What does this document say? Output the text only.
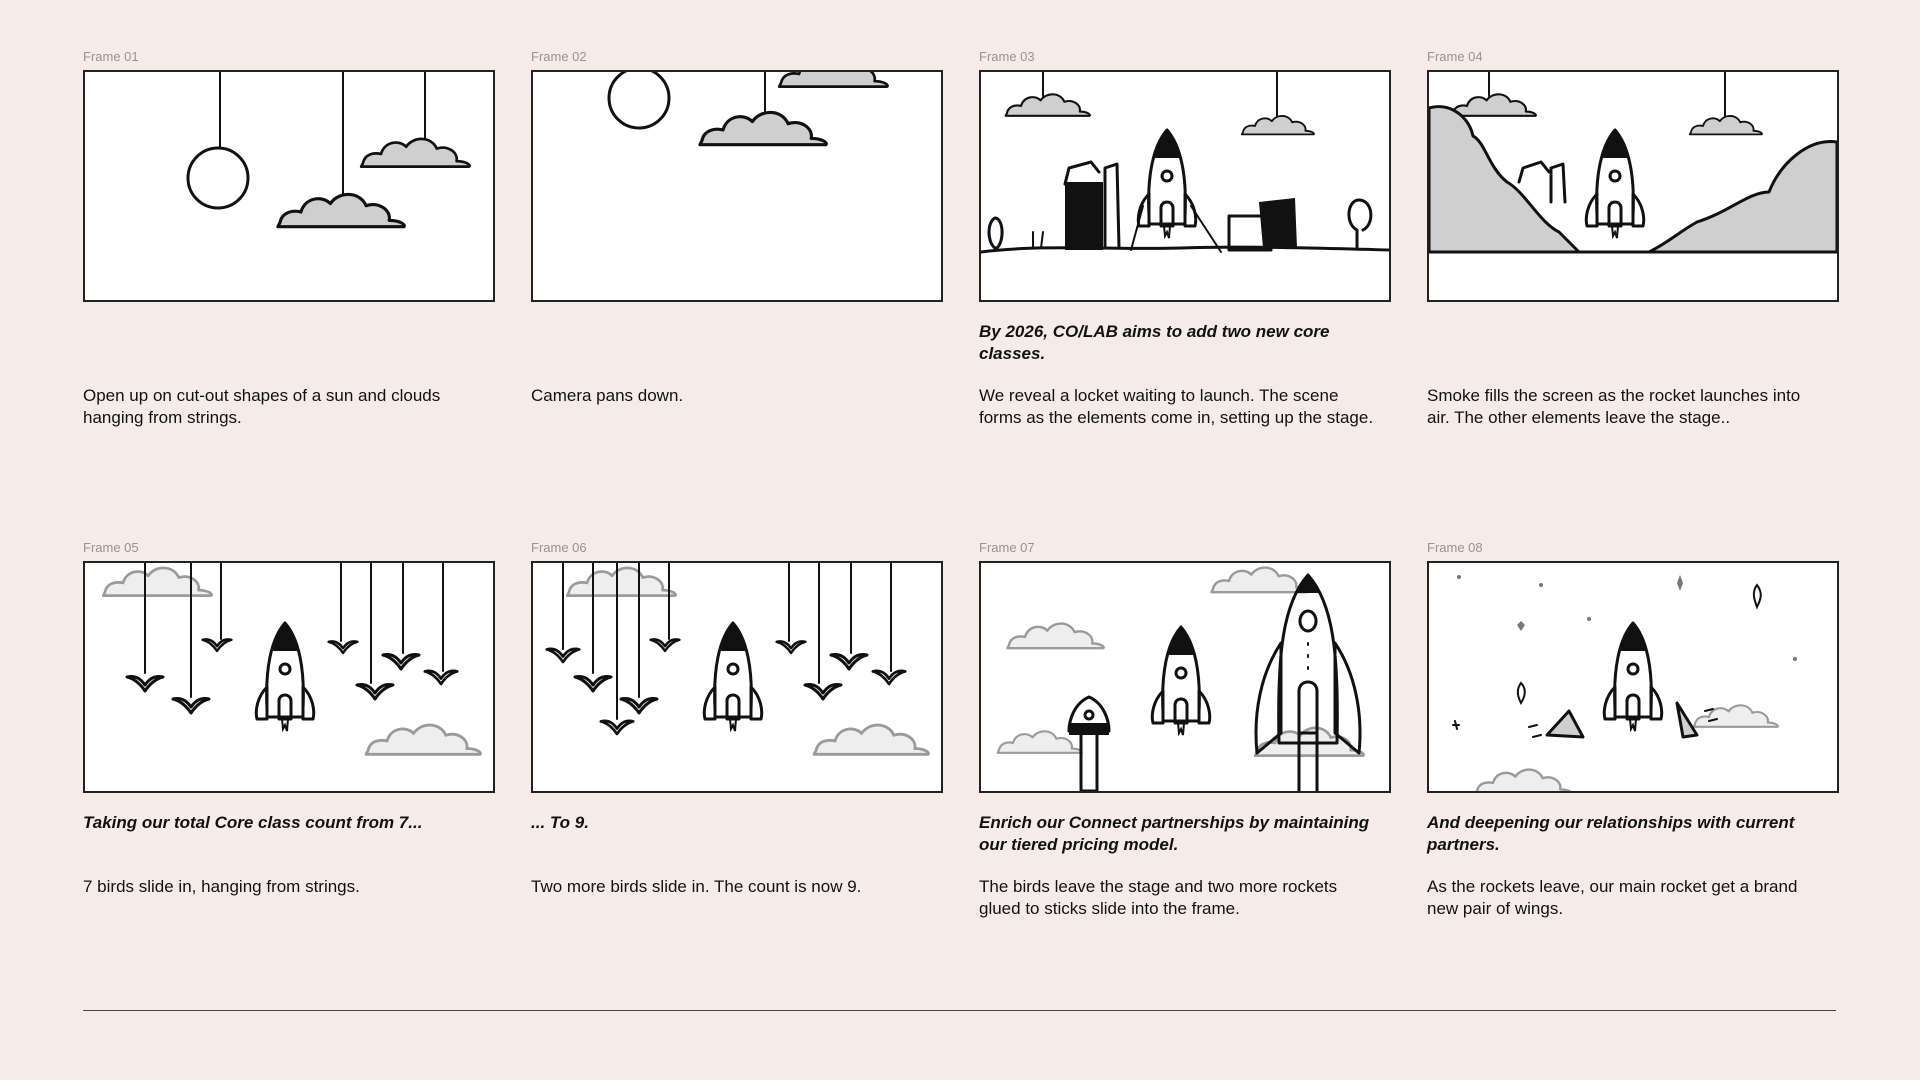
Frame 01
Open up on cut-out shapes of a sun and clouds hanging from strings.
Frame 02
Camera pans down.
Frame 03
By 2026, CO/LAB aims to add two new core classes.
We reveal a locket waiting to launch. The scene forms as the elements come in, setting up the stage.
Frame 04
Smoke fills the screen as the rocket launches into air. The other elements leave the stage..
Frame 05
Taking our total Core class count from 7...
7 birds slide in, hanging from strings.
Frame 06
... To 9.
Two more birds slide in. The count is now 9.
Frame 07
Enrich our Connect partnerships by maintaining our tiered pricing model.
The birds leave the stage and two more rockets glued to sticks slide into the frame.
Frame 08
And deepening our relationships with current partners.
As the rockets leave, our main rocket get a brand new pair of wings.
